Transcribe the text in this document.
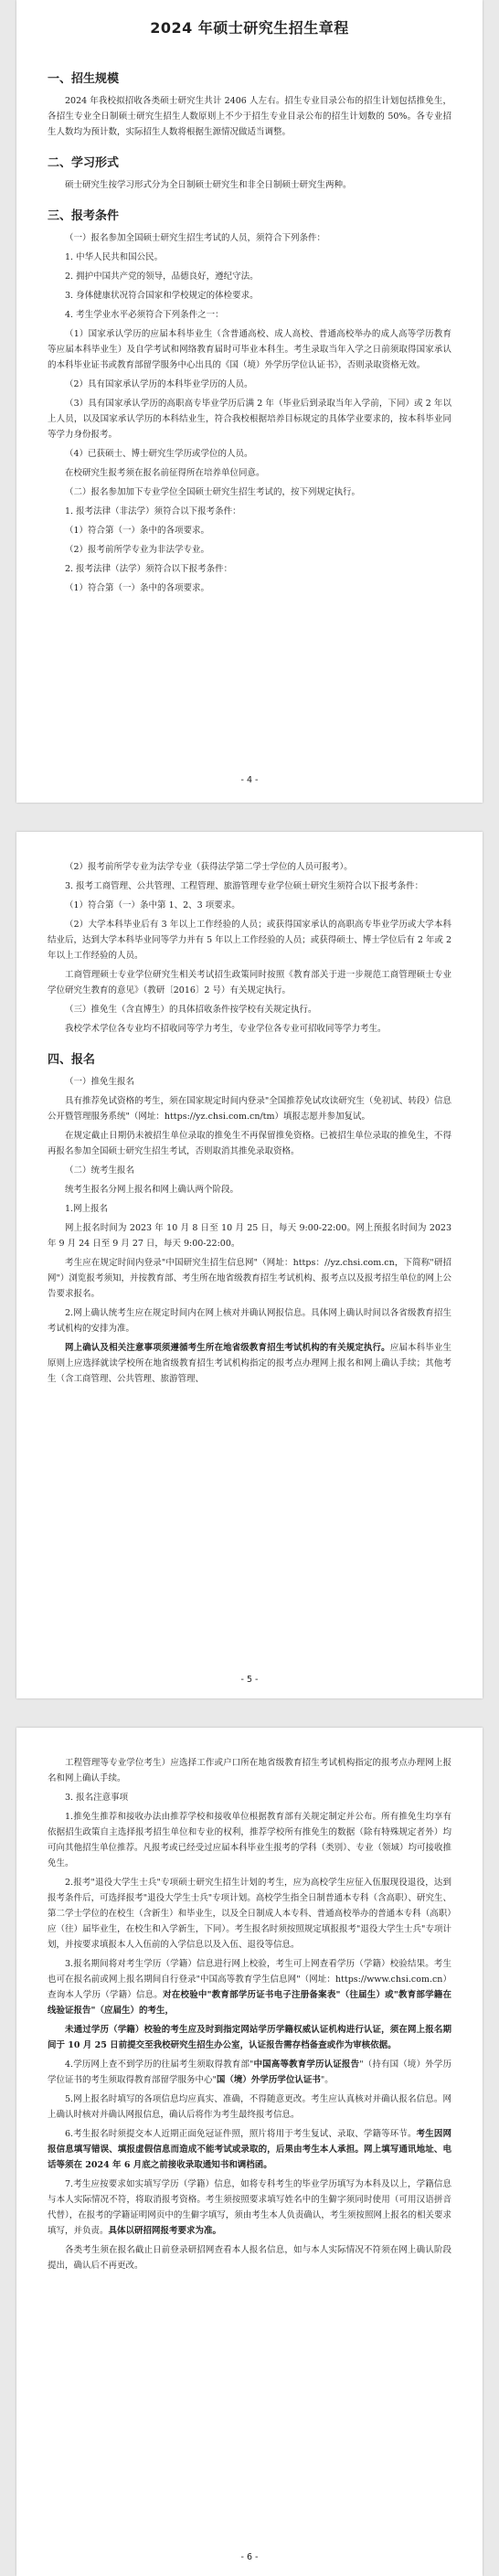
2024 年硕士研究生招生章程
一、招生规模

2024 年我校拟招收各类硕士研究生共计 2406 人左右。招生专业目录公布的招生计划包括推免生，各招生专业全日制硕士研究生招生人数原则上不少于招生专业目录公布的招生计划数的 50%。各专业招生人数均为预计数，实际招生人数将根据生源情况做适当调整。

二、学习形式

硕士研究生按学习形式分为全日制硕士研究生和非全日制硕士研究生两种。

三、报考条件

（一）报名参加全国硕士研究生招生考试的人员，须符合下列条件：

1. 中华人民共和国公民。

2. 拥护中国共产党的领导，品德良好，遵纪守法。

3. 身体健康状况符合国家和学校规定的体检要求。

4. 考生学业水平必须符合下列条件之一：

（1）国家承认学历的应届本科毕业生（含普通高校、成人高校、普通高校举办的成人高等学历教育等应届本科毕业生）及自学考试和网络教育届时可毕业本科生。考生录取当年入学之日前须取得国家承认的本科毕业证书或教育部留学服务中心出具的《国（境）外学历学位认证书》，否则录取资格无效。

（2）具有国家承认学历的本科毕业学历的人员。

（3）具有国家承认学历的高职高专毕业学历后满 2 年（毕业后到录取当年入学前，下同）或 2 年以上人员，以及国家承认学历的本科结业生，符合我校根据培养目标规定的具体学业要求的，按本科毕业同等学力身份报考。

（4）已获硕士、博士研究生学历或学位的人员。

在校研究生报考须在报名前征得所在培养单位同意。

（二）报名参加加下专业学位全国硕士研究生招生考试的，按下列规定执行。

1. 报考法律（非法学）须符合以下报考条件：

（1）符合第（一）条中的各项要求。

（2）报考前所学专业为非法学专业。

2. 报考法律（法学）须符合以下报考条件：

（1）符合第（一）条中的各项要求。

- 4 -

（2）报考前所学专业为法学专业（获得法学第二学士学位的人员可报考）。

3. 报考工商管理、公共管理、工程管理、旅游管理专业学位硕士研究生须符合以下报考条件：

（1）符合第（一）条中第 1、2、3 项要求。

（2）大学本科毕业后有 3 年以上工作经验的人员；或获得国家承认的高职高专毕业学历或大学本科结业后，达到大学本科毕业同等学力并有 5 年以上工作经验的人员；或获得硕士、博士学位后有 2 年或 2 年以上工作经验的人员。

工商管理硕士专业学位研究生相关考试招生政策同时按照《教育部关于进一步规范工商管理硕士专业学位研究生教育的意见》（教研〔2016〕2 号）有关规定执行。

（三）推免生（含直博生）的具体招收条件按学校有关规定执行。

我校学术学位各专业均不招收同等学力考生，专业学位各专业可招收同等学力考生。

四、报名

（一）推免生报名

具有推荐免试资格的考生，须在国家规定时间内登录"全国推荐免试攻读研究生（免初试、转段）信息公开暨管理服务系统"（网址：https://yz.chsi.com.cn/tm）填报志愿并参加复试。

在规定截止日期仍未被招生单位录取的推免生不再保留推免资格。已被招生单位录取的推免生，不得再报名参加全国硕士研究生招生考试，否则取消其推免录取资格。

（二）统考生报名

统考生报名分网上报名和网上确认两个阶段。

1.网上报名

网上报名时间为 2023 年 10 月 8 日至 10 月 25 日，每天 9:00-22:00。网上预报名时间为 2023 年 9 月 24 日至 9 月 27 日，每天 9:00-22:00。

考生应在规定时间内登录"中国研究生招生信息网"（网址：https：//yz.chsi.com.cn，下简称"研招网"）浏览报考须知，并按教育部、考生所在地省级教育招生考试机构、报考点以及报考招生单位的网上公告要求报名。

2.网上确认统考生应在规定时间内在网上核对并确认网报信息。具体网上确认时间以各省级教育招生考试机构的安排为准。

网上确认及相关注意事项须遵循考生所在地省级教育招生考试机构的有关规定执行。应届本科毕业生原则上应选择就读学校所在地省级教育招生考试机构指定的报考点办理网上报名和网上确认手续；其他考生（含工商管理、公共管理、旅游管理、

- 5 -

工程管理等专业学位考生）应选择工作或户口所在地省级教育招生考试机构指定的报考点办理网上报名和网上确认手续。

3. 报名注意事项

1.推免生推荐和接收办法由推荐学校和接收单位根据教育部有关规定制定并公布。所有推免生均享有依据招生政策自主选择报考招生单位和专业的权利，推荐学校所有推免生的数据（除有特殊规定者外）均可向其他招生单位推荐。凡报考或已经受过应届本科毕业生报考的学科（类别）、专业（领域）均可接收推免生。

2.报考"退役大学生士兵"专项硕士研究生招生计划的考生，应为高校学生应征入伍服现役退役，达到报考条件后，可选择报考"退役大学生士兵"专项计划。高校学生指全日制普通本专科（含高职）、研究生、第二学士学位的在校生（含新生）和毕业生，以及全日制成人本专科、普通高校举办的普通本专科（高职）应（往）届毕业生，在校生和入学新生，下同）。考生报名时须按照规定填报报考"退役大学生士兵"专项计划，并按要求填报本人入伍前的入学信息以及入伍、退役等信息。

3.报名期间将对考生学历（学籍）信息进行网上校验，考生可上网查看学历（学籍）校验结果。考生也可在报名前或网上报名期间自行登录"中国高等教育学生信息网"（网址：https://www.chsi.com.cn）查询本人学历（学籍）信息。对在校验中"教育部学历证书电子注册备案表"（往届生）或"教育部学籍在线验证报告"（应届生）的考生，

未通过学历（学籍）校验的考生应及时到指定网站学历学籍权威认证机构进行认证，须在网上报名期间于 10 月 25 日前提交至我校研究生招生办公室，认证报告需存档备查或作为审核依据。

4.学历网上查不到学历的往届考生须取得教育部"中国高等教育学历认证报告"（持有国（境）外学历学位证书的考生须取得教育部留学服务中心"国（境）外学历学位认证书"。

5.网上报名时填写的各项信息均应真实、准确，不得随意更改。考生应认真核对并确认报名信息。网上确认时核对并确认网报信息，确认后将作为考生最终报考信息。

6.考生报名时须提交本人近期正面免冠证件照，照片将用于考生复试、录取、学籍等环节。考生因网报信息填写错误、填报虚假信息而造成不能考试或录取的，后果由考生本人承担。网上填写通讯地址、电话等须在 2024 年 6 月底之前接收录取通知书和调档函。

7.考生应按要求如实填写学历（学籍）信息，如将专科考生的毕业学历填写为本科及以上，学籍信息与本人实际情况不符，将取消报考资格。考生须按照要求填写姓名中的生僻字须同时使用（可用汉语拼音代替），在报考的学籍证明网页中的生僻字填写，须由考生本人负责确认，考生须按照网上报名的相关要求填写，并负责。具体以研招网报考要求为准。

各类考生须在报名截止日前登录研招网查看本人报名信息，如与本人实际情况不符须在网上确认阶段提出，确认后不再更改。

- 6 -
